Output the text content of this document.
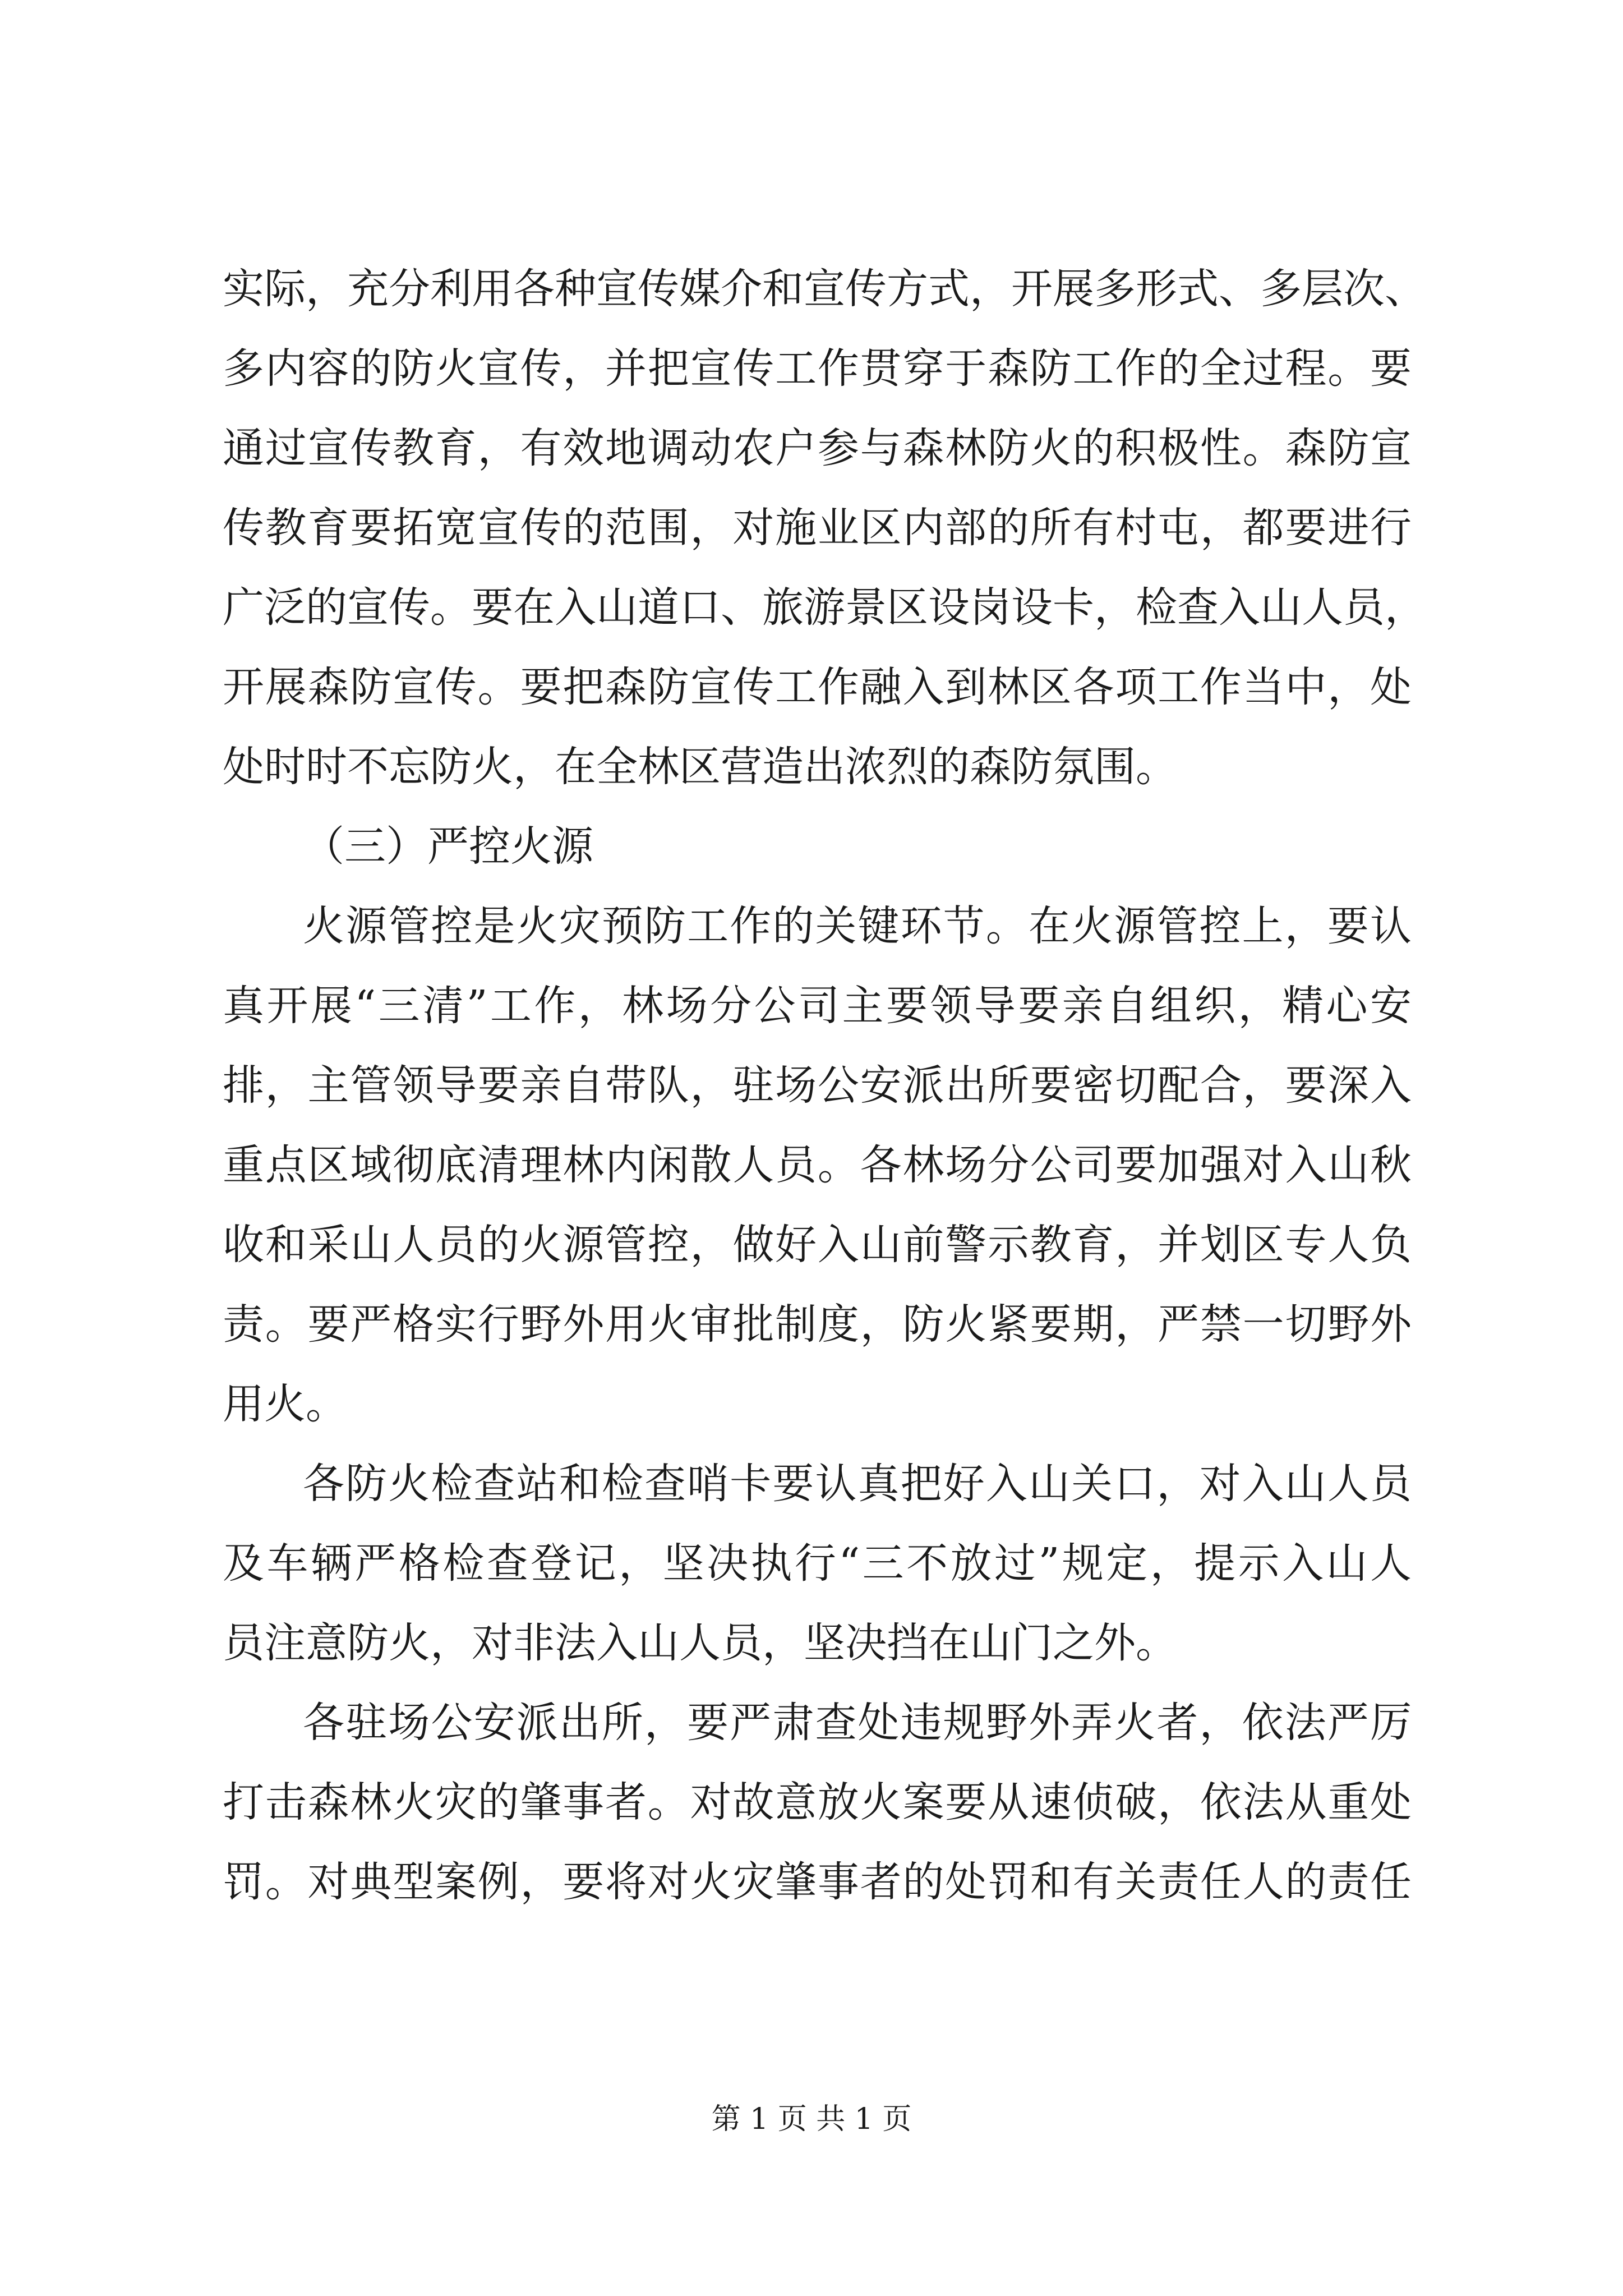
实际，充分利用各种宣传媒介和宣传方式，开展多形式、多层次、
多内容的防火宣传，并把宣传工作贯穿于森防工作的全过程。要
通过宣传教育，有效地调动农户参与森林防火的积极性。森防宣
传教育要拓宽宣传的范围，对施业区内部的所有村屯，都要进行
广泛的宣传。要在入山道口、旅游景区设岗设卡，检查入山人员，
开展森防宣传。要把森防宣传工作融入到林区各项工作当中，处
处时时不忘防火，在全林区营造出浓烈的森防氛围。
（三）严控火源
火源管控是火灾预防工作的关键环节。在火源管控上，要认
真开展“三清”工作，林场分公司主要领导要亲自组织，精心安
排，主管领导要亲自带队，驻场公安派出所要密切配合，要深入
重点区域彻底清理林内闲散人员。各林场分公司要加强对入山秋
收和采山人员的火源管控，做好入山前警示教育，并划区专人负
责。要严格实行野外用火审批制度，防火紧要期，严禁一切野外
用火。
各防火检查站和检查哨卡要认真把好入山关口，对入山人员
及车辆严格检查登记，坚决执行“三不放过”规定，提示入山人
员注意防火，对非法入山人员，坚决挡在山门之外。
各驻场公安派出所，要严肃查处违规野外弄火者，依法严厉
打击森林火灾的肇事者。对故意放火案要从速侦破，依法从重处
罚。对典型案例，要将对火灾肇事者的处罚和有关责任人的责任
第 1 页 共 1 页
